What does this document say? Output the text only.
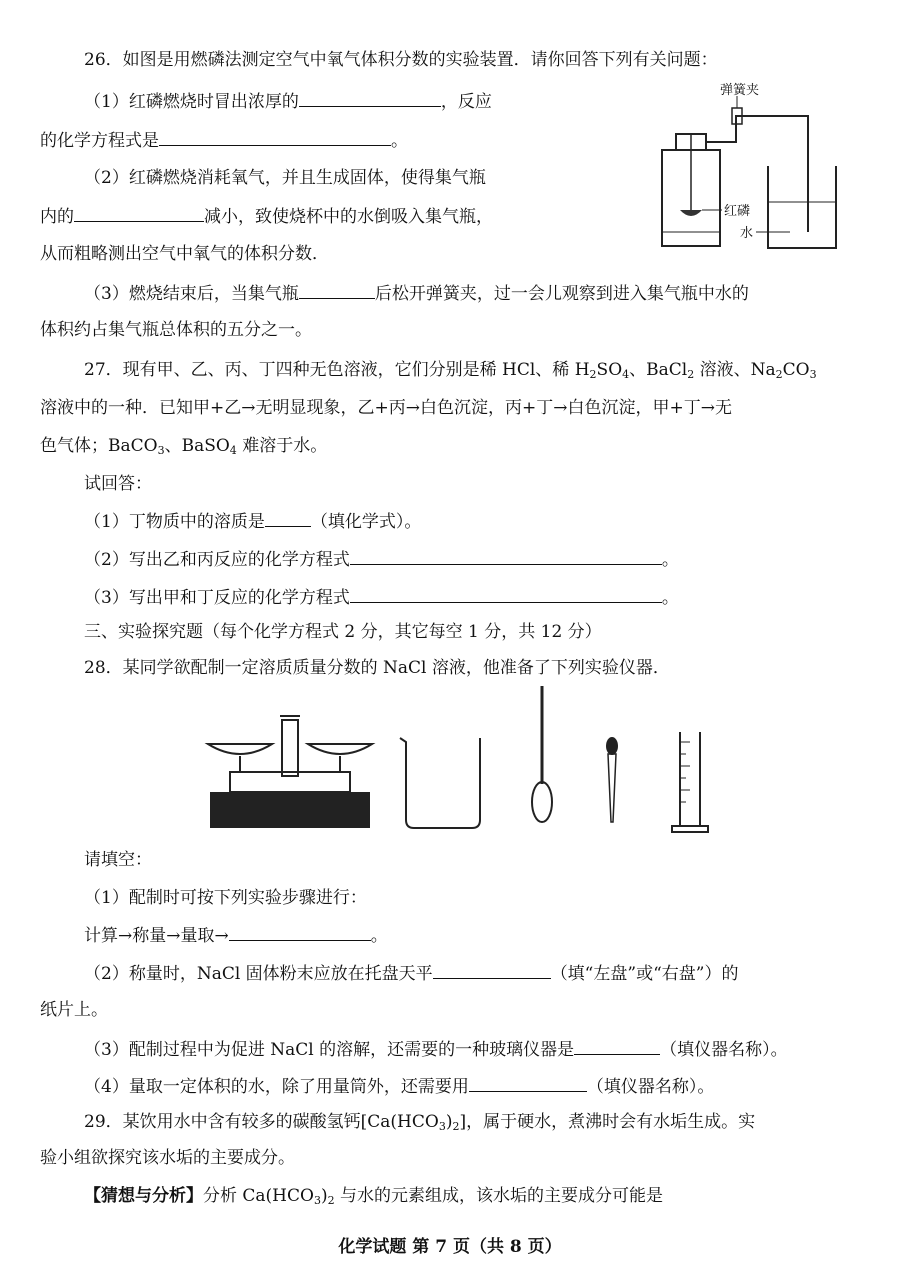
26．如图是用燃磷法测定空气中氧气体积分数的实验装置．请你回答下列有关问题：
（1）红磷燃烧时冒出浓厚的	，反应
的化学方程式是	。
（2）红磷燃烧消耗氧气，并且生成固体，使得集气瓶
内的	减小，致使烧杯中的水倒吸入集气瓶，
从而粗略测出空气中氧气的体积分数．
（3）燃烧结束后，当集气瓶	后松开弹簧夹，过一会儿观察到进入集气瓶中水的
体积约占集气瓶总体积的五分之一。
弹簧夹
红磷
水
27．现有甲、乙、丙、丁四种无色溶液，它们分别是稀 HCl、稀 $H_2SO_4$、BaCl$_2$ 溶液、$Na_2CO_3$
溶液中的一种．已知甲+乙→无明显现象，乙+丙→白色沉淀，丙+丁→白色沉淀，甲+丁→无
色气体；BaCO$_3$、BaSO$_4$ 难溶于水。
试回答：
（1）丁物质中的溶质是	（填化学式）。
（2）写出乙和丙反应的化学方程式	。
（3）写出甲和丁反应的化学方程式	。
三、实验探究题（每个化学方程式 2 分，其它每空 1 分，共 12 分）
28．某同学欲配制一定溶质质量分数的 NaCl 溶液，他准备了下列实验仪器．
请填空：
（1）配制时可按下列实验步骤进行：
计算→称量→量取→	。
（2）称量时，NaCl 固体粉末应放在托盘天平	（填“左盘”或“右盘”）的
纸片上。
（3）配制过程中为促进 NaCl 的溶解，还需要的一种玻璃仪器是	（填仪器名称）。
（4）量取一定体积的水，除了用量筒外，还需要用	（填仪器名称）。
29．某饮用水中含有较多的碳酸氢钙$[Ca(HCO_3)_2]$，属于硬水，煮沸时会有水垢生成。实
验小组欲探究该水垢的主要成分。
【猜想与分析】分析 $Ca(HCO_3)_2$ 与水的元素组成，该水垢的主要成分可能是
化学试题 第 7 页（共 8 页）
